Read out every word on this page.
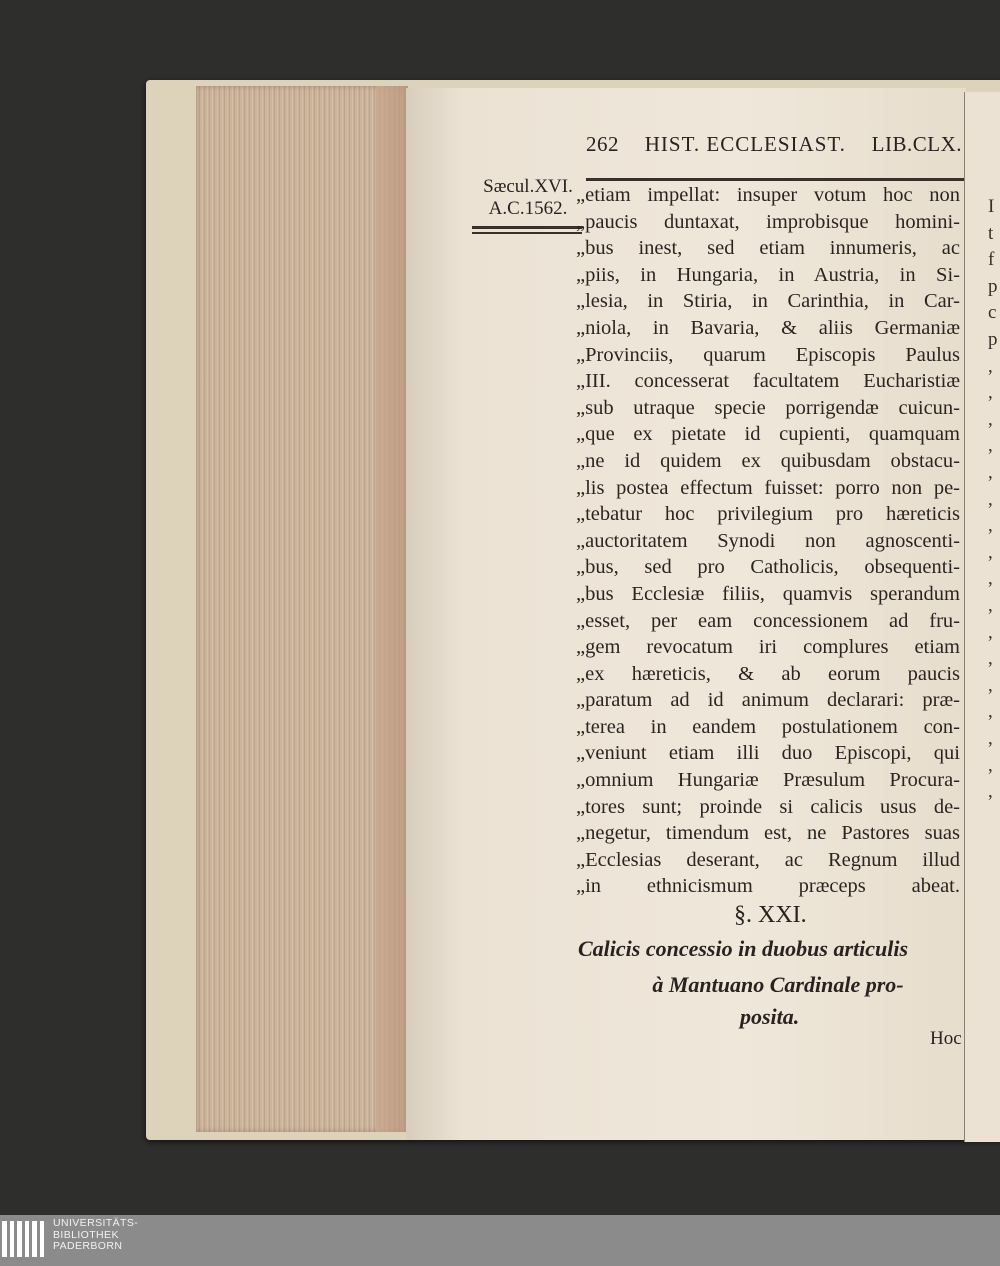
I
t
f
p
c
p
,
,
,
,
,
,
,
,
,
,
,
,
,
,
,
,
,
262 HIST. ECCLESIAST. LIB.CLX.
Sæcul.XVI.
A.C.1562.
„etiam impellat: insuper votum hoc non
„paucis duntaxat, improbisque homini-
„bus inest, sed etiam innumeris, ac
„piis, in Hungaria, in Austria, in Si-
„lesia, in Stiria, in Carinthia, in Car-
„niola, in Bavaria, & aliis Germaniæ
„Provinciis, quarum Episcopis Paulus
„III. concesserat facultatem Eucharistiæ
„sub utraque specie porrigendæ cuicun-
„que ex pietate id cupienti, quamquam
„ne id quidem ex quibusdam obstacu-
„lis postea effectum fuisset: porro non pe-
„tebatur hoc privilegium pro hæreticis
„auctoritatem Synodi non agnoscenti-
„bus, sed pro Catholicis, obsequenti-
„bus Ecclesiæ filiis, quamvis sperandum
„esset, per eam concessionem ad fru-
„gem revocatum iri complures etiam
„ex hæreticis, & ab eorum paucis
„paratum ad id animum declarari: præ-
„terea in eandem postulationem con-
„veniunt etiam illi duo Episcopi, qui
„omnium Hungariæ Præsulum Procura-
„tores sunt; proinde si calicis usus de-
„negetur, timendum est, ne Pastores suas
„Ecclesias deserant, ac Regnum illud
„in ethnicismum præceps abeat.
§. XXI.
Calicis concessio in duobus articulis
à Mantuano Cardinale pro-
posita.
Hoc
UNIVERSITÄTS-
BIBLIOTHEK
PADERBORN
